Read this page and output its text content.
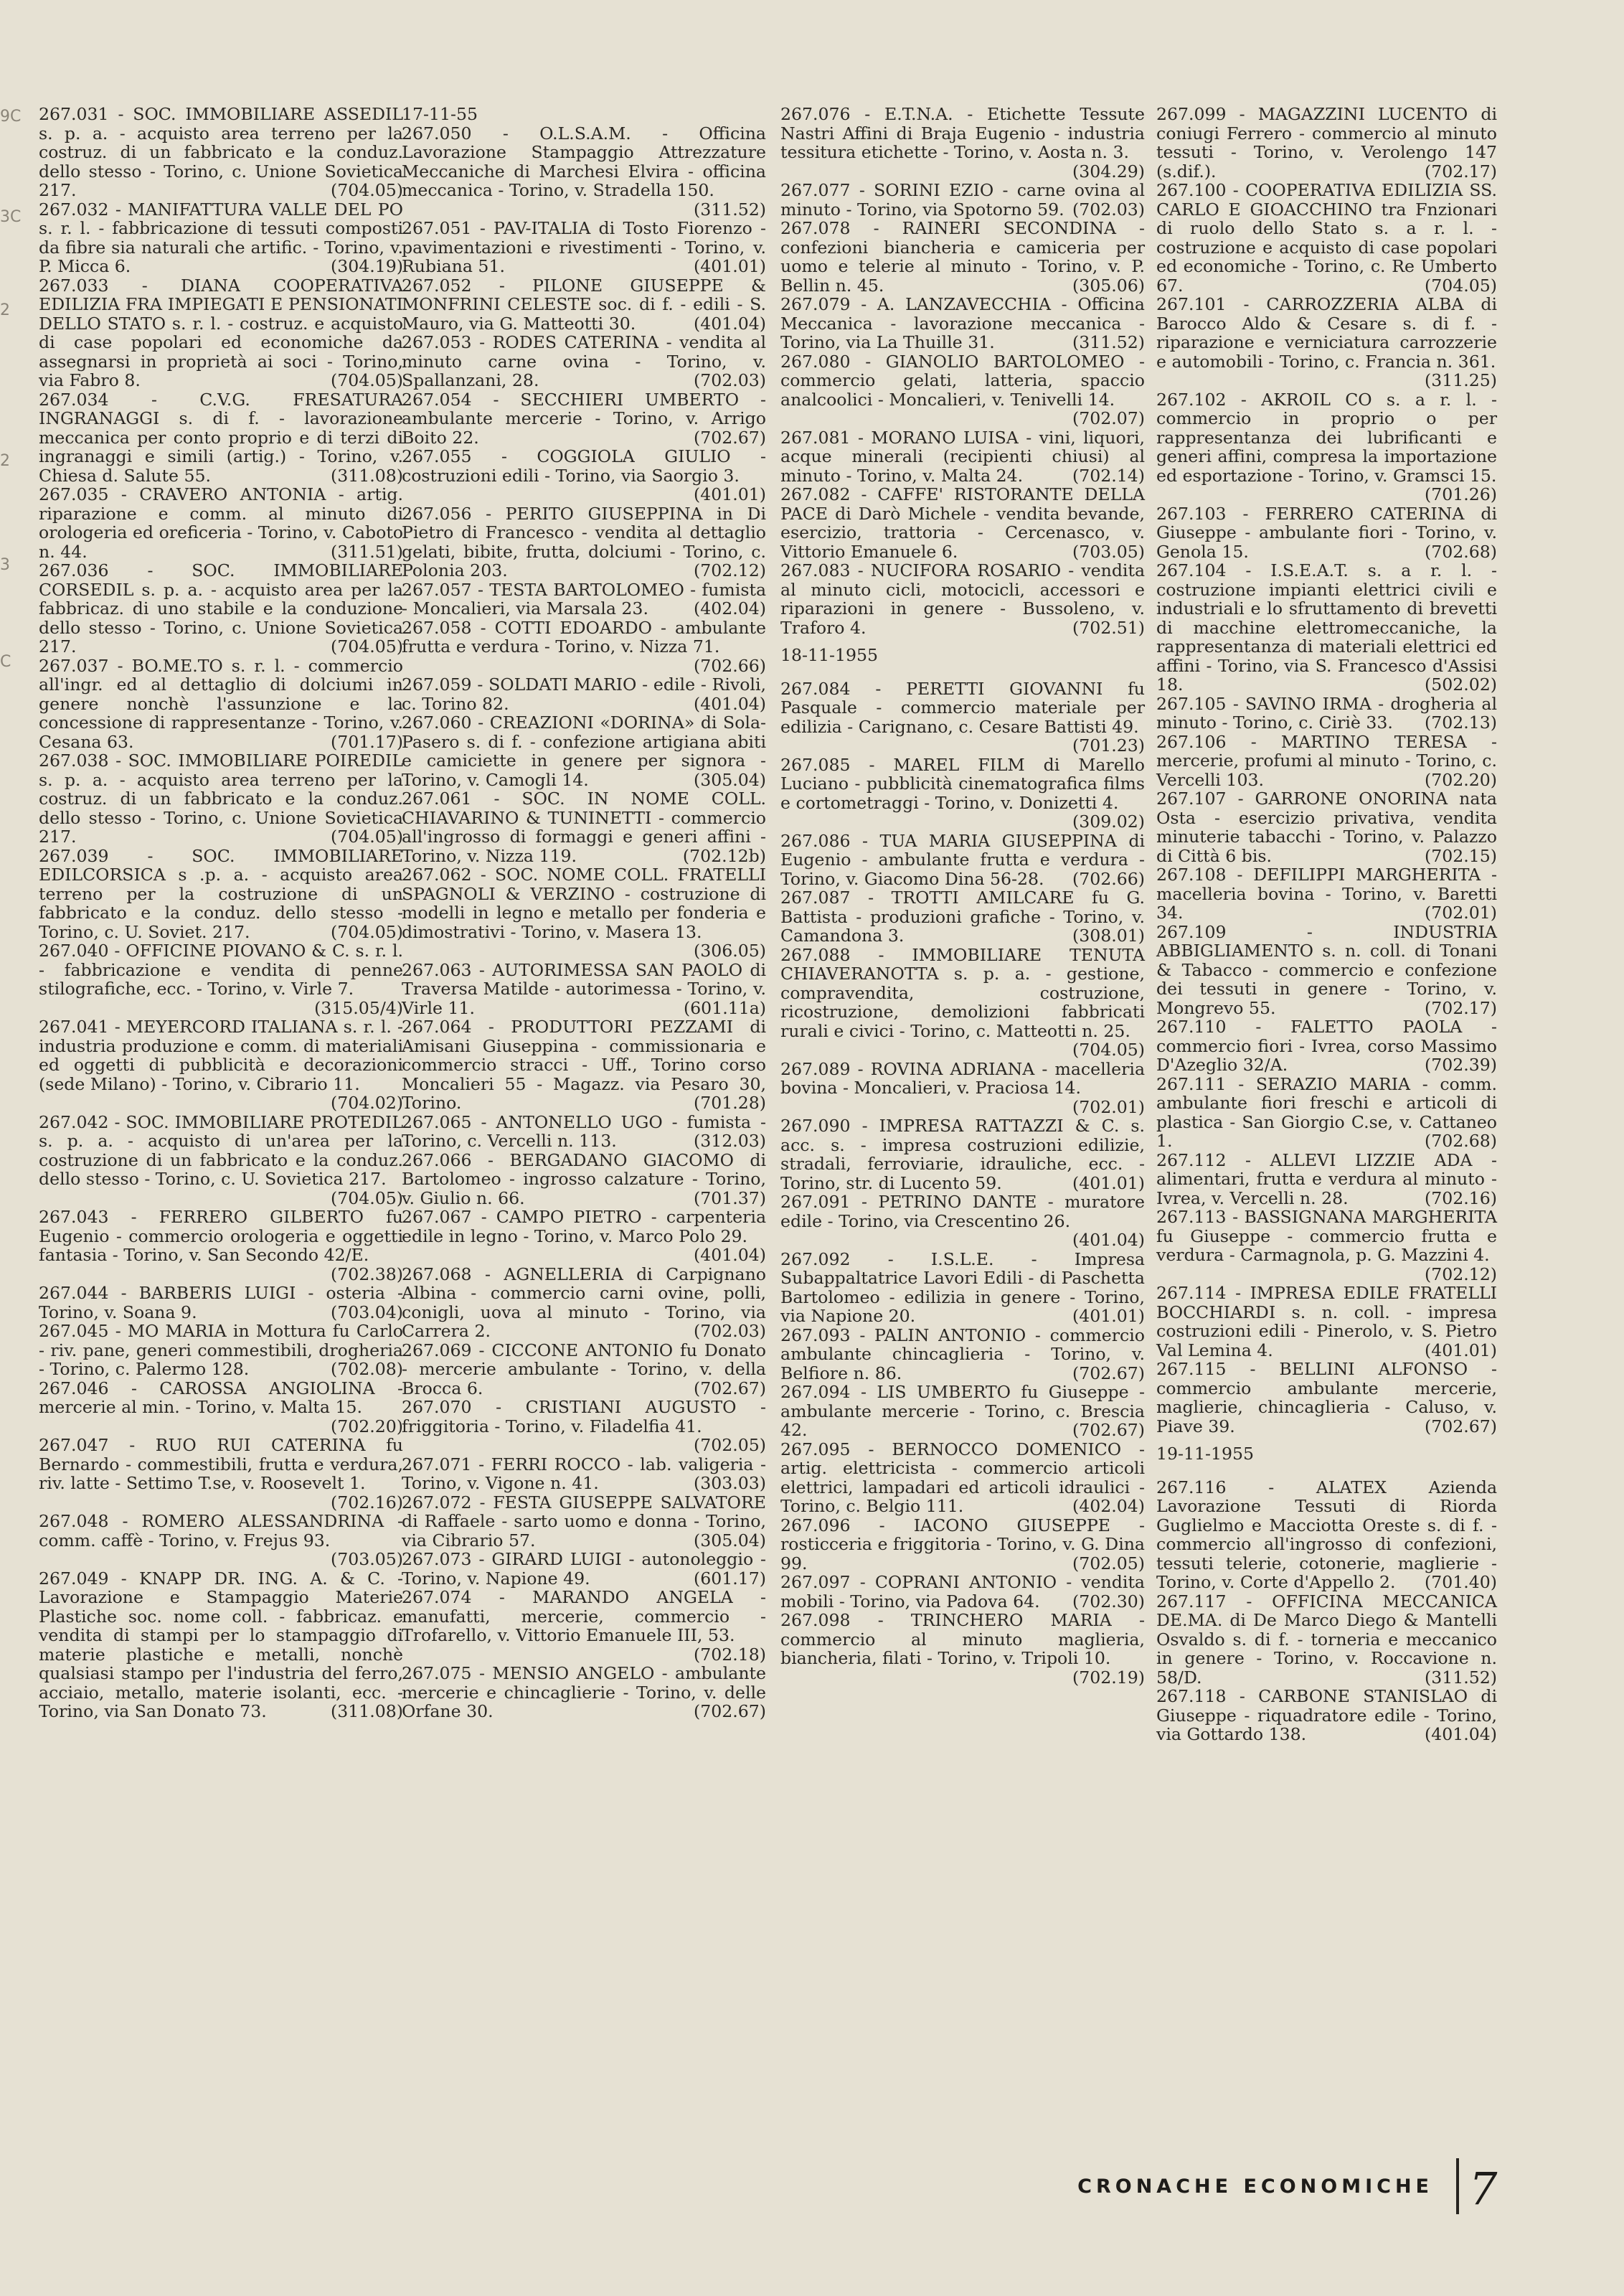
267.031 - SOC. IMMOBILIARE ASSEDIL s. p. a. - acquisto area terreno per la costruz. di un fabbricato e la conduz. dello stesso - Torino, c. Unione Sovietica 217.	(704.05)
267.032 - MANIFATTURA VALLE DEL PO s. r. l. - fabbricazione di tessuti composti da fibre sia naturali che artific. - Torino, v. P. Micca 6.	(304.19)
267.033 - DIANA COOPERATIVA EDILIZIA FRA IMPIEGATI E PENSIONATI DELLO STATO s. r. l. - costruz. e acquisto di case popolari ed economiche da assegnarsi in proprietà ai soci - Torino, via Fabro 8.	(704.05)
267.034	- C.V.G. FRESATURA INGRANAGGI s. di f. - lavorazione meccanica per conto proprio e di terzi di ingranaggi e simili (artig.) - Torino, v. Chiesa d. Salute 55.	(311.08)
267.035 - CRAVERO ANTONIA - artig. riparazione e comm. al minuto di orologeria ed oreficeria - Torino, v. Caboto n. 44.	(311.51)
267.036 - SOC. IMMOBILIARE CORSEDIL s. p. a. - acquisto area per la fabbricaz. di uno stabile e la conduzione dello stesso - Torino, c. Unione Sovietica 217.	(704.05)
267.037 - BO.ME.TO s. r. l. - commercio all'ingr. ed al dettaglio di dolciumi in genere nonchè l'assunzione e la concessione di rappresentanze - Torino, v. Cesana 63.	(701.17)
267.038 - SOC. IMMOBILIARE POIREDIL s. p. a. - acquisto area terreno per la costruz. di un fabbricato e la conduz. dello stesso - Torino, c. Unione Sovietica 217.	(704.05)
267.039 - SOC. IMMOBILIARE EDILCORSICA s .p. a. - acquisto area terreno per la costruzione di un fabbricato e la conduz. dello stesso - Torino, c. U. Soviet. 217.	(704.05)
267.040 - OFFICINE PIOVANO & C. s. r. l. - fabbricazione e vendita di penne stilografiche, ecc. - Torino, v. Virle 7.
(315.05/4)
267.041 - MEYERCORD ITALIANA s. r. l. - industria produzione e comm. di materiali ed oggetti di pubblicità e decorazioni (sede Milano) - Torino, v. Cibrario 11.
(704.02)
267.042 - SOC. IMMOBILIARE PROTEDIL s. p. a. - acquisto di un'area per la costruzione di un fabbricato e la conduz. dello stesso - Torino, c. U. Sovietica 217.
(704.05)
267.043 - FERRERO GILBERTO fu Eugenio - commercio orologeria e oggetti fantasia - Torino, v. San Secondo 42/E.
(702.38)
267.044 - BARBERIS LUIGI - osteria - Torino, v. Soana 9.	(703.04)
267.045 - MO MARIA in Mottura fu Carlo - riv. pane, generi commestibili, drogheria - Torino, c. Palermo 128.	(702.08)
267.046 - CAROSSA ANGIOLINA - mercerie al min. - Torino, v. Malta 15.
(702.20)
267.047 - RUO RUI CATERINA fu Bernardo - commestibili, frutta e verdura, riv. latte - Settimo T.se, v. Roosevelt 1.
(702.16)
267.048 - ROMERO ALESSANDRINA - comm. caffè - Torino, v. Frejus 93.
(703.05)
267.049 - KNAPP DR. ING. A. & C. - Lavorazione e Stampaggio Materie Plastiche soc. nome coll. - fabbricaz. e vendita di stampi per lo stampaggio di materie plastiche e metalli, nonchè qualsiasi stampo per l'industria del ferro, acciaio, metallo, materie isolanti, ecc. - Torino, via San Donato 73.	(311.08)
17-11-55
267.050 - O.L.S.A.M. - Officina Lavorazione Stampaggio Attrezzature Meccaniche di Marchesi Elvira - officina meccanica - Torino, v. Stradella 150.
(311.52)
267.051 - PAV-ITALIA di Tosto Fiorenzo - pavimentazioni e rivestimenti - Torino, v. Rubiana 51.	(401.01)
267.052 - PILONE GIUSEPPE & MONFRINI CELESTE soc. di f. - edili - S. Mauro, via G. Matteotti 30.	(401.04)
267.053 - RODES CATERINA - vendita al minuto carne ovina - Torino, v. Spallanzani, 28.	(702.03)
267.054 - SECCHIERI UMBERTO - ambulante mercerie - Torino, v. Arrigo Boito 22.	(702.67)
267.055 - COGGIOLA GIULIO - costruzioni edili - Torino, via Saorgio 3.
(401.01)
267.056 - PERITO GIUSEPPINA in Di Pietro di Francesco - vendita al dettaglio gelati, bibite, frutta, dolciumi - Torino, c. Polonia 203.	(702.12)
267.057 - TESTA BARTOLOMEO - fumista - Moncalieri, via Marsala 23.	(402.04)
267.058 - COTTI EDOARDO - ambulante frutta e verdura - Torino, v. Nizza 71.
(702.66)
267.059 - SOLDATI MARIO - edile - Rivoli, c. Torino 82.	(401.04)
267.060 - CREAZIONI «DORINA» di Sola-Pasero s. di f. - confezione artigiana abiti e camiciette in genere per signora - Torino, v. Camogli 14.	(305.04)
267.061 - SOC. IN NOME COLL. CHIAVARINO & TUNINETTI - commercio all'ingrosso di formaggi e generi affini - Torino, v. Nizza 119.	(702.12b)
267.062 - SOC. NOME COLL. FRATELLI SPAGNOLI & VERZINO - costruzione di modelli in legno e metallo per fonderia e dimostrativi - Torino, v. Masera 13.
(306.05)
267.063 - AUTORIMESSA SAN PAOLO di Traversa Matilde - autorimessa - Torino, v. Virle 11.	(601.11a)
267.064 - PRODUTTORI PEZZAMI di Amisani Giuseppina - commissionaria e commercio stracci - Uff., Torino corso Moncalieri 55 - Magazz. via Pesaro 30, Torino.	(701.28)
267.065 - ANTONELLO UGO - fumista - Torino, c. Vercelli n. 113.	(312.03)
267.066 - BERGADANO GIACOMO di Bartolomeo - ingrosso calzature - Torino, v. Giulio n. 66.	(701.37)
267.067 - CAMPO PIETRO - carpenteria edile in legno - Torino, v. Marco Polo 29.
(401.04)
267.068 - AGNELLERIA di Carpignano Albina - commercio carni ovine, polli, conigli, uova al minuto - Torino, via Carrera 2.	(702.03)
267.069 - CICCONE ANTONIO fu Donato - mercerie ambulante - Torino, v. della Brocca 6.	(702.67)
267.070 - CRISTIANI AUGUSTO - friggitoria - Torino, v. Filadelfia 41.
(702.05)
267.071 - FERRI ROCCO - lab. valigeria - Torino, v. Vigone n. 41.	(303.03)
267.072 - FESTA GIUSEPPE SALVATORE di Raffaele - sarto uomo e donna - Torino, via Cibrario 57.	(305.04)
267.073 - GIRARD LUIGI - autonoleggio - Torino, v. Napione 49.	(601.17)
267.074 - MARANDO ANGELA - manufatti, mercerie, commercio - Trofarello, v. Vittorio Emanuele III, 53.
(702.18)
267.075 - MENSIO ANGELO - ambulante mercerie e chincaglierie - Torino, v. delle Orfane 30.	(702.67)
267.076 - E.T.N.A. - Etichette Tessute Nastri Affini di Braja Eugenio - industria tessitura etichette - Torino, v. Aosta n. 3.
(304.29)
267.077 - SORINI EZIO - carne ovina al minuto - Torino, via Spotorno 59. (702.03)
267.078 - RAINERI SECONDINA - confezioni biancheria e camiceria per uomo e telerie al minuto - Torino, v. P. Bellin n. 45.	(305.06)
267.079 - A. LANZAVECCHIA - Officina Meccanica - lavorazione meccanica - Torino, via La Thuille 31.	(311.52)
267.080 - GIANOLIO BARTOLOMEO - commercio gelati, latteria, spaccio analcoolici - Moncalieri, v. Tenivelli 14.
(702.07)
267.081 - MORANO LUISA - vini, liquori, acque minerali (recipienti chiusi) al minuto - Torino, v. Malta 24.	(702.14)
267.082 - CAFFE' RISTORANTE DELLA PACE di Darò Michele - vendita bevande, esercizio, trattoria - Cercenasco, v. Vittorio Emanuele 6.	(703.05)
267.083 - NUCIFORA ROSARIO - vendita al minuto cicli, motocicli, accessori e riparazioni in genere - Bussoleno, v. Traforo 4.	(702.51)
18-11-1955
267.084 - PERETTI GIOVANNI fu Pasquale - commercio materiale per edilizia - Carignano, c. Cesare Battisti 49.
(701.23)
267.085 - MAREL FILM di Marello Luciano - pubblicità cinematografica films e cortometraggi - Torino, v. Donizetti 4.
(309.02)
267.086 - TUA MARIA GIUSEPPINA di Eugenio - ambulante frutta e verdura - Torino, v. Giacomo Dina 56-28.	(702.66)
267.087 - TROTTI AMILCARE fu G. Battista - produzioni grafiche - Torino, v. Camandona 3.	(308.01)
267.088 - IMMOBILIARE TENUTA CHIAVERANOTTA s. p. a. - gestione, compravendita, costruzione, ricostruzione, demolizioni fabbricati rurali e civici - Torino, c. Matteotti n. 25.
(704.05)
267.089 - ROVINA ADRIANA - macelleria bovina - Moncalieri, v. Praciosa 14.
(702.01)
267.090 - IMPRESA RATTAZZI & C. s. acc. s. - impresa costruzioni edilizie, stradali, ferroviarie, idrauliche, ecc. - Torino, str. di Lucento 59.	(401.01)
267.091 - PETRINO DANTE - muratore edile - Torino, via Crescentino 26.
(401.04)
267.092 - I.S.L.E. - Impresa Subappaltatrice Lavori Edili - di Paschetta Bartolomeo - edilizia in genere - Torino, via Napione 20.	(401.01)
267.093 - PALIN ANTONIO - commercio ambulante chincaglieria - Torino, v. Belfiore n. 86.	(702.67)
267.094 - LIS UMBERTO fu Giuseppe - ambulante mercerie - Torino, c. Brescia 42.	(702.67)
267.095 - BERNOCCO DOMENICO - artig. elettricista - commercio articoli elettrici, lampadari ed articoli idraulici - Torino, c. Belgio 111.	(402.04)
267.096 - IACONO GIUSEPPE - rosticceria e friggitoria - Torino, v. G. Dina 99.	(702.05)
267.097 - COPRANI ANTONIO - vendita mobili - Torino, via Padova 64.	(702.30)
267.098 - TRINCHERO MARIA - commercio al minuto maglieria, biancheria, filati - Torino, v. Tripoli 10.
(702.19)
267.099 - MAGAZZINI LUCENTO di coniugi Ferrero - commercio al minuto tessuti - Torino, v. Verolengo 147 (s.dif.).	(702.17)
267.100 - COOPERATIVA EDILIZIA SS. CARLO E GIOACCHINO tra Fnzionari di ruolo dello Stato s. a r. l. - costruzione e acquisto di case popolari ed economiche - Torino, c. Re Umberto 67.	(704.05)
267.101 - CARROZZERIA ALBA di Barocco Aldo & Cesare s. di f. - riparazione e verniciatura carrozzerie e automobili - Torino, c. Francia n. 361.
(311.25)
267.102 - AKROIL CO s. a r. l. - commercio in proprio o per rappresentanza dei lubrificanti e generi affini, compresa la importazione ed esportazione - Torino, v. Gramsci 15.
(701.26)
267.103 - FERRERO CATERINA di Giuseppe - ambulante fiori - Torino, v. Genola 15.	(702.68)
267.104 - I.S.E.A.T. s. a r. l. - costruzione impianti elettrici civili e industriali e lo sfruttamento di brevetti di macchine elettromeccaniche, la rappresentanza di materiali elettrici ed affini - Torino, via S. Francesco d'Assisi 18.	(502.02)
267.105 - SAVINO IRMA - drogheria al minuto - Torino, c. Ciriè 33.	(702.13)
267.106 - MARTINO TERESA - mercerie, profumi al minuto - Torino, c. Vercelli 103.	(702.20)
267.107 - GARRONE ONORINA nata Osta - esercizio privativa, vendita minuterie tabacchi - Torino, v. Palazzo di Città 6 bis.	(702.15)
267.108 - DEFILIPPI MARGHERITA - macelleria bovina - Torino, v. Baretti 34.	(702.01)
267.109	- INDUSTRIA ABBIGLIAMENTO s. n. coll. di Tonani & Tabacco - commercio e confezione dei tessuti in genere - Torino, v. Mongrevo 55.	(702.17)
267.110 - FALETTO PAOLA - commercio fiori - Ivrea, corso Massimo D'Azeglio 32/A.	(702.39)
267.111 - SERAZIO MARIA - comm. ambulante fiori freschi e articoli di plastica - San Giorgio C.se, v. Cattaneo 1.	(702.68)
267.112 - ALLEVI LIZZIE ADA - alimentari, frutta e verdura al minuto - Ivrea, v. Vercelli n. 28.	(702.16)
267.113 - BASSIGNANA MARGHERITA fu Giuseppe - commercio frutta e verdura - Carmagnola, p. G. Mazzini 4.
(702.12)
267.114 - IMPRESA EDILE FRATELLI BOCCHIARDI s. n. coll. - impresa costruzioni edili - Pinerolo, v. S. Pietro Val Lemina 4.	(401.01)
267.115 - BELLINI ALFONSO - commercio ambulante mercerie, maglierie, chincaglieria - Caluso, v. Piave 39.	(702.67)
19-11-1955
267.116 - ALATEX Azienda Lavorazione Tessuti di Riorda Guglielmo e Macciotta Oreste s. di f. - commercio all'ingrosso di confezioni, tessuti telerie, cotonerie, maglierie - Torino, v. Corte d'Appello 2.	(701.40)
267.117 - OFFICINA MECCANICA DE.MA. di De Marco Diego & Mantelli Osvaldo s. di f. - torneria e meccanico in genere - Torino, v. Roccavione n. 58/D.	(311.52)
267.118 - CARBONE STANISLAO di Giuseppe - riquadratore edile - Torino, via Gottardo 138.	(401.04)
9C
2
3C
2
3
C
CRONACHE ECONOMICHE 7
